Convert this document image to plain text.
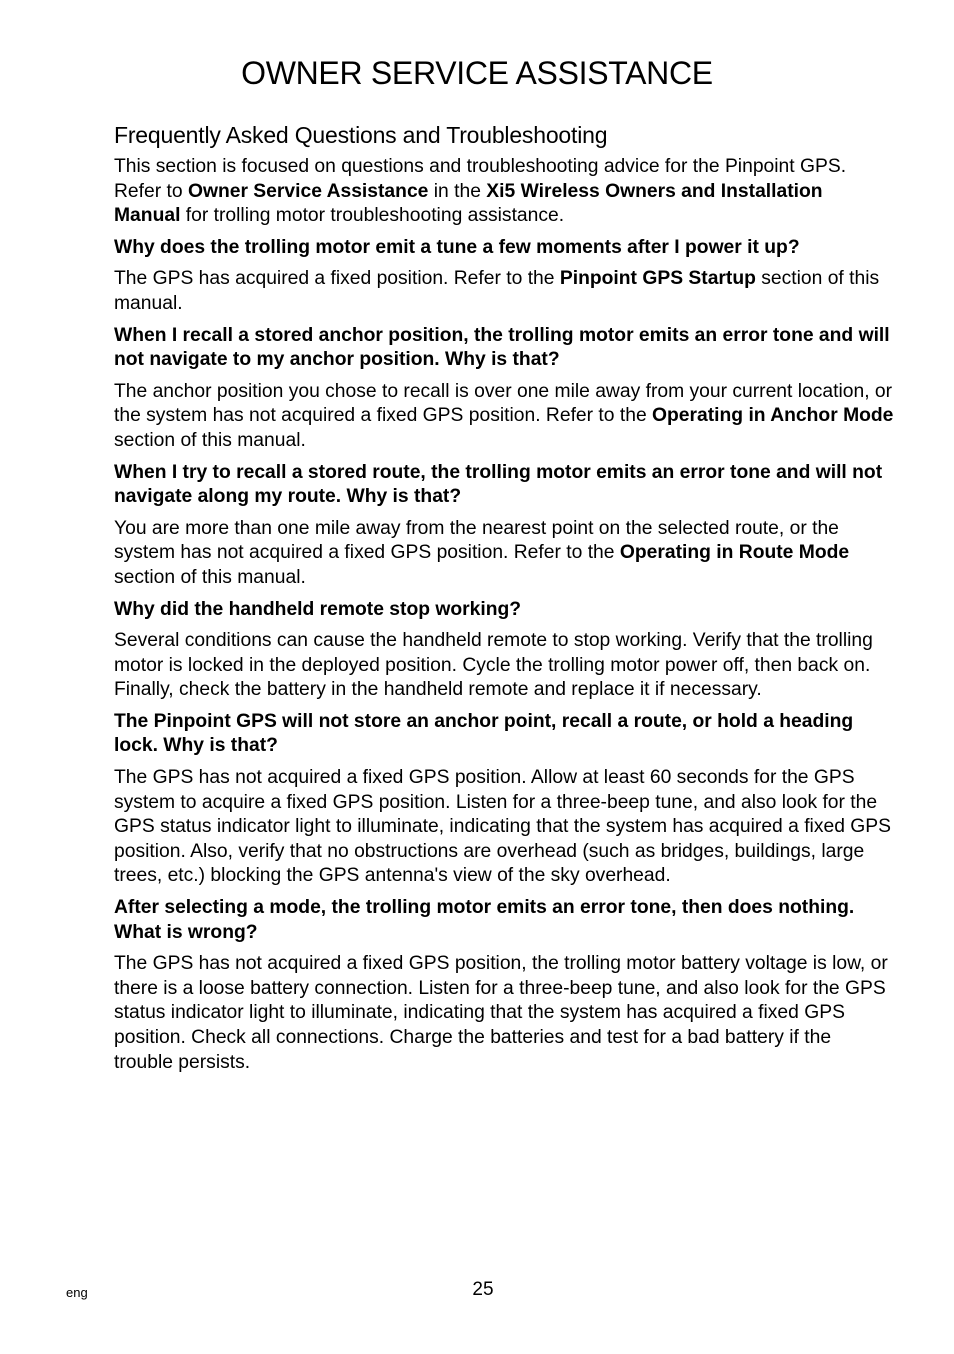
OWNER SERVICE ASSISTANCE
Frequently Asked Questions and Troubleshooting

This section is focused on questions and troubleshooting advice for the Pinpoint GPS. Refer to Owner Service Assistance in the Xi5 Wireless Owners and Installation Manual for trolling motor troubleshooting assistance.

Why does the trolling motor emit a tune a few moments after I power it up?

The GPS has acquired a fixed position. Refer to the Pinpoint GPS Startup section of this manual.

When I recall a stored anchor position, the trolling motor emits an error tone and will not navigate to my anchor position. Why is that?

The anchor position you chose to recall is over one mile away from your current location, or the system has not acquired a fixed GPS position. Refer to the Operating in Anchor Mode section of this manual.

When I try to recall a stored route, the trolling motor emits an error tone and will not navigate along my route. Why is that?

You are more than one mile away from the nearest point on the selected route, or the system has not acquired a fixed GPS position. Refer to the Operating in Route Mode section of this manual.

Why did the handheld remote stop working?

Several conditions can cause the handheld remote to stop working. Verify that the trolling motor is locked in the deployed position. Cycle the trolling motor power off, then back on. Finally, check the battery in the handheld remote and replace it if necessary.

The Pinpoint GPS will not store an anchor point, recall a route, or hold a heading lock. Why is that?

The GPS has not acquired a fixed GPS position. Allow at least 60 seconds for the GPS system to acquire a fixed GPS position. Listen for a three-beep tune, and also look for the GPS status indicator light to illuminate, indicating that the system has acquired a fixed GPS position. Also, verify that no obstructions are overhead (such as bridges, buildings, large trees, etc.) blocking the GPS antenna's view of the sky overhead.

After selecting a mode, the trolling motor emits an error tone, then does nothing. What is wrong?

The GPS has not acquired a fixed GPS position, the trolling motor battery voltage is low, or there is a loose battery connection. Listen for a three-beep tune, and also look for the GPS status indicator light to illuminate, indicating that the system has acquired a fixed GPS position. Check all connections. Charge the batteries and test for a bad battery if the trouble persists.

eng	25
